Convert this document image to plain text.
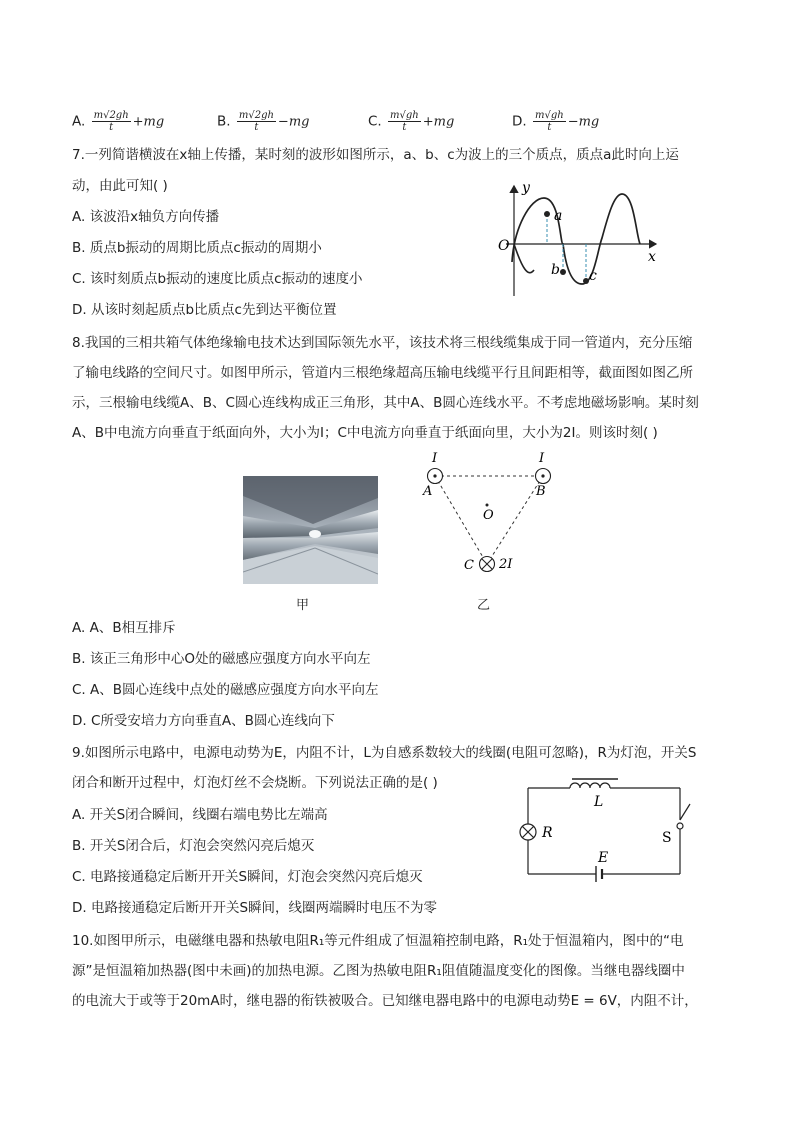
A. $\frac{m√2gh}{t} +mg$	B. $\frac{m√2gh}{t} -mg$	C. $\frac{m√gh}{t} +mg$	D. $\frac{m√gh}{t} -mg$
7.一列简谐横波在x轴上传播，某时刻的波形如图所示，a、b、c为波上的三个质点，质点a此时向上运
动，由此可知( )
A. 该波沿x轴负方向传播
B. 质点b振动的周期比质点c振动的周期小
C. 该时刻质点b振动的速度比质点c振动的速度小
D. 从该时刻起质点b比质点c先到达平衡位置
y
x
O
a
b c
8.我国的三相共箱气体绝缘输电技术达到国际领先水平，该技术将三根线缆集成于同一管道内，充分压缩
了输电线路的空间尺寸。如图甲所示，管道内三根绝缘超高压输电线缆平行且间距相等，截面图如图乙所
示，三根输电线缆A、B、C圆心连线构成正三角形，其中A、B圆心连线水平。不考虑地磁场影响。某时刻
A、B中电流方向垂直于纸面向外，大小为I；C中电流方向垂直于纸面向里，大小为2I。则该时刻( )
甲
I	I
A	B
O
C 2I
乙
A. A、B相互排斥
B. 该正三角形中心O处的磁感应强度方向水平向左
C. A、B圆心连线中点处的磁感应强度方向水平向左
D. C所受安培力方向垂直A、B圆心连线向下
9.如图所示电路中，电源电动势为E，内阻不计，L为自感系数较大的线圈(电阻可忽略)，R为灯泡，开关S
闭合和断开过程中，灯泡灯丝不会烧断。下列说法正确的是( )
A. 开关S闭合瞬间，线圈右端电势比左端高
B. 开关S闭合后，灯泡会突然闪亮后熄灭
C. 电路接通稳定后断开开关S瞬间，灯泡会突然闪亮后熄灭
D. 电路接通稳定后断开开关S瞬间，线圈两端瞬时电压不为零
L
R	S
E
10.如图甲所示，电磁继电器和热敏电阻R₁等元件组成了恒温箱控制电路，R₁处于恒温箱内，图中的“电
源”是恒温箱加热器(图中未画)的加热电源。乙图为热敏电阻R₁阻值随温度变化的图像。当继电器线圈中
的电流大于或等于20mA时，继电器的衔铁被吸合。已知继电器电路中的电源电动势E = 6V，内阻不计，
